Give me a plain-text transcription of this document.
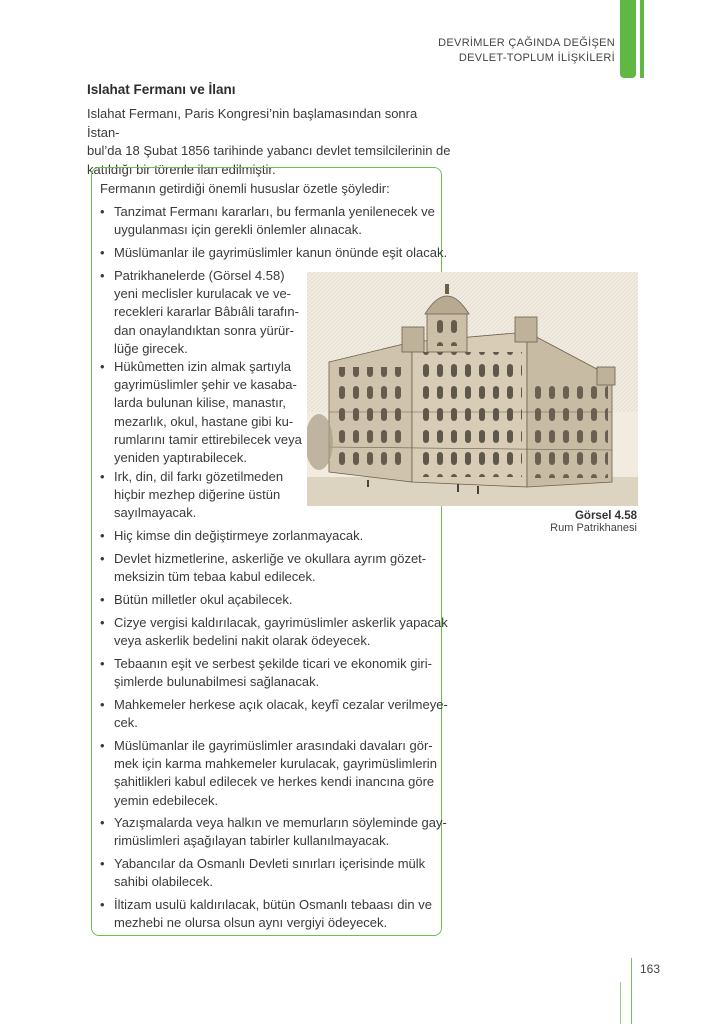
DEVRİMLER ÇAĞINDA DEĞİŞEN
DEVLET-TOPLUM İLİŞKİLERİ
Islahat Fermanı ve İlanı
Islahat Fermanı, Paris Kongresi’nin başlamasından sonra İstan-
bul’da 18 Şubat 1856 tarihinde yabancı devlet temsilcilerinin de
katıldığı bir törenle ilan edilmiştir.
Fermanın getirdiği önemli hususlar özetle şöyledir:
• Tanzimat Fermanı kararları, bu fermanla yenilenecek ve
uygulanması için gerekli önlemler alınacak.
• Müslümanlar ile gayrimüslimler kanun önünde eşit olacak.
• Patrikhanelerde (Görsel 4.58)
yeni meclisler kurulacak ve ve-
recekleri kararlar Bâbıâli tarafın-
dan onaylandıktan sonra yürür-
lüğe girecek.
• Hükûmetten izin almak şartıyla
gayrimüslimler şehir ve kasaba-
larda bulunan kilise, manastır,
mezarlık, okul, hastane gibi ku-
rumlarını tamir ettirebilecek veya
yeniden yaptırabilecek.
• Irk, din, dil farkı gözetilmeden
hiçbir mezhep diğerine üstün
sayılmayacak.
• Hiç kimse din değiştirmeye zorlanmayacak.
• Devlet hizmetlerine, askerliğe ve okullara ayrım gözet-
meksizin tüm tebaa kabul edilecek.
• Bütün milletler okul açabilecek.
• Cizye vergisi kaldırılacak, gayrimüslimler askerlik yapacak
veya askerlik bedelini nakit olarak ödeyecek.
• Tebaanın eşit ve serbest şekilde ticari ve ekonomik giri-
şimlerde bulunabilmesi sağlanacak.
• Mahkemeler herkese açık olacak, keyfî cezalar verilmeye-
cek.
• Müslümanlar ile gayrimüslimler arasındaki davaları gör-
mek için karma mahkemeler kurulacak, gayrimüslimlerin
şahitlikleri kabul edilecek ve herkes kendi inancına göre
yemin edebilecek.
• Yazışmalarda veya halkın ve memurların söyleminde gay-
rimüslimleri aşağılayan tabirler kullanılmayacak.
• Yabancılar da Osmanlı Devleti sınırları içerisinde mülk
sahibi olabilecek.
• İltizam usulü kaldırılacak, bütün Osmanlı tebaası din ve
mezhebi ne olursa olsun aynı vergiyi ödeyecek.
Görsel 4.58
Rum Patrikhanesi
163
